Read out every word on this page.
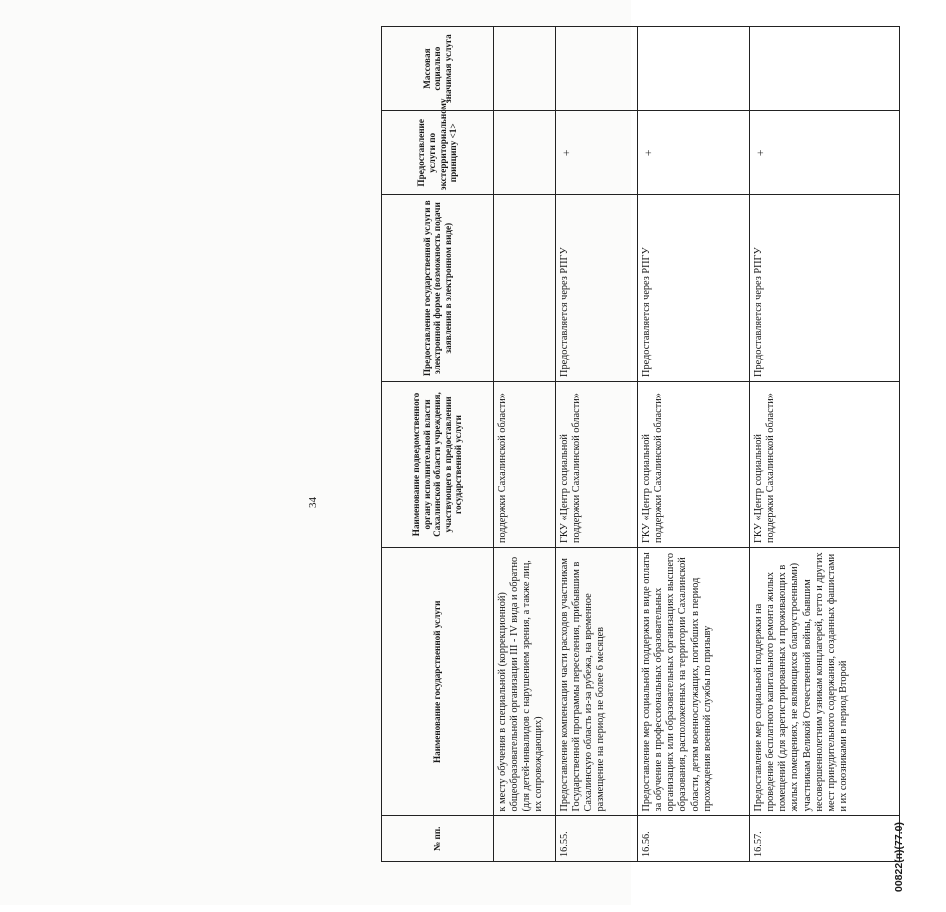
34
№ пп.	Наименование государственной услуги	Наименование подведомственного органу исполнительной власти Сахалинской области учреждения, участвующего в предоставлении государственной услуги	Предоставление государственной услуги в электронной форме (возможность подачи заявления в электронном виде)	Предоставление услуги по экстерриториальному принципу <1>	Массовая социально значимая услуга
	к месту обучения в специальной (коррекционной) общеобразовательной организации III - IV вида и обратно (для детей-инвалидов с нарушением зрения, а также лиц, их сопровождающих)	поддержки Сахалинской области»			
16.55.	Предоставление компенсации части расходов участникам Государственной программы переселения, прибывшим в Сахалинскую область из-за рубежа, на временное размещение на период не более 6 месяцев	ГКУ «Центр социальной поддержки Сахалинской области»	Предоставляется через РПГУ	+	
16.56.	Предоставление мер социальной поддержки в виде оплаты за обучение в профессиональных образовательных организациях или образовательных организациях высшего образования, расположенных на территории Сахалинской области, детям военнослужащих, погибших в период прохождения военной службы по призыву	ГКУ «Центр социальной поддержки Сахалинской области»	Предоставляется через РПГУ	+	
16.57.	Предоставление мер социальной поддержки на проведение бесплатного капитального ремонта жилых помещений (для зарегистрированных и проживающих в жилых помещениях, не являющихся благоустроенными) участникам Великой Отечественной войны, бывшим несовершеннолетним узникам концлагерей, гетто и других мест принудительного содержания, созданных фашистами и их союзниками в период Второй	ГКУ «Центр социальной поддержки Сахалинской области»	Предоставляется через РПГУ	+	
00822(п)(77.0)
